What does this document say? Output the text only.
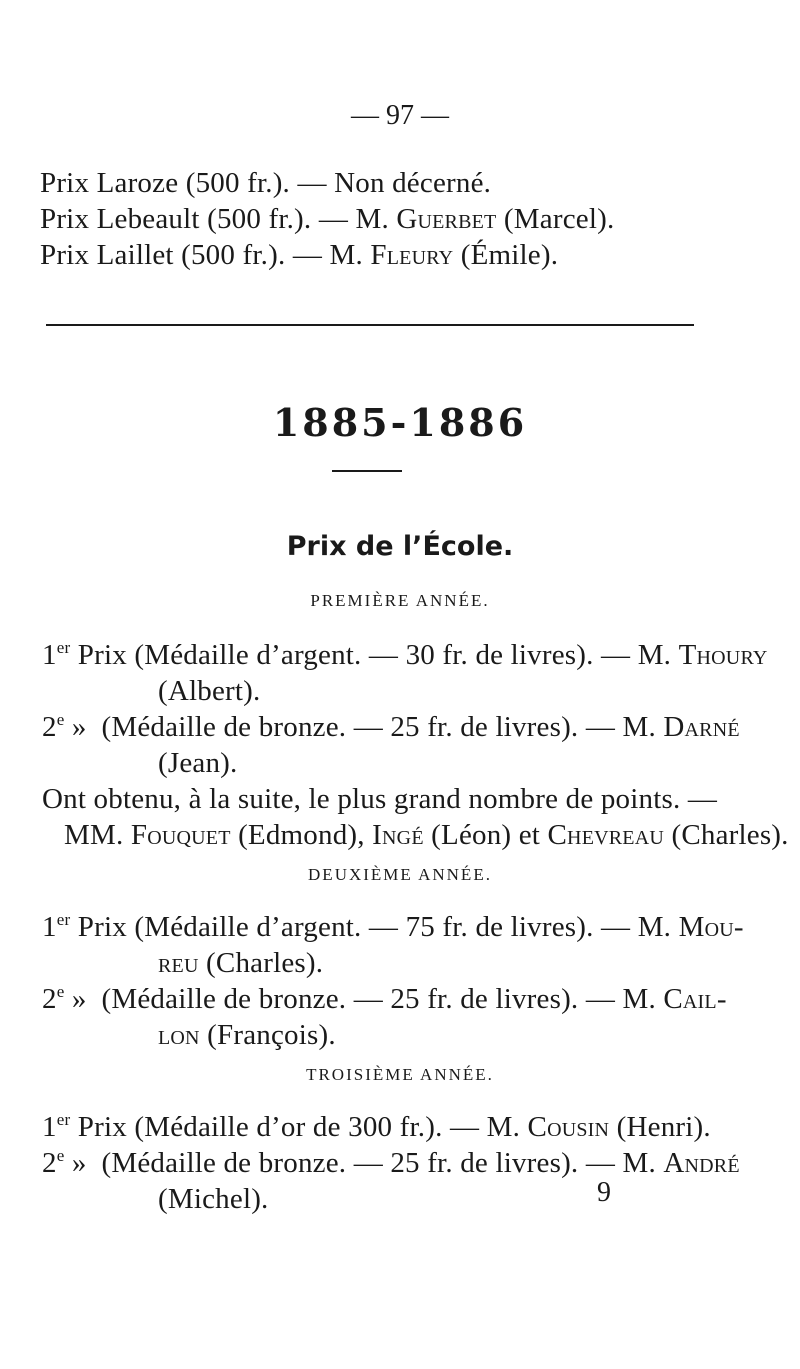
— 97 —
Prix Laroze (500 fr.). — Non décerné.
Prix Lebeault (500 fr.). — M. Guerbet (Marcel).
Prix Laillet (500 fr.). — M. Fleury (Émile).
1885-1886
Prix de l’École.
PREMIÈRE ANNÉE.
1er Prix (Médaille d’argent. — 30 fr. de livres). — M. Thoury
(Albert).
2e »  (Médaille de bronze. — 25 fr. de livres). — M. Darné
(Jean).
Ont obtenu, à la suite, le plus grand nombre de points. —
MM. Fouquet (Edmond), Ingé (Léon) et Chevreau (Charles).
DEUXIÈME ANNÉE.
1er Prix (Médaille d’argent. — 75 fr. de livres). — M. Mou-
reu (Charles).
2e »  (Médaille de bronze. — 25 fr. de livres). — M. Cail-
lon (François).
TROISIÈME ANNÉE.
1er Prix (Médaille d’or de 300 fr.). — M. Cousin (Henri).
2e »  (Médaille de bronze. — 25 fr. de livres). — M. André
(Michel).	9
